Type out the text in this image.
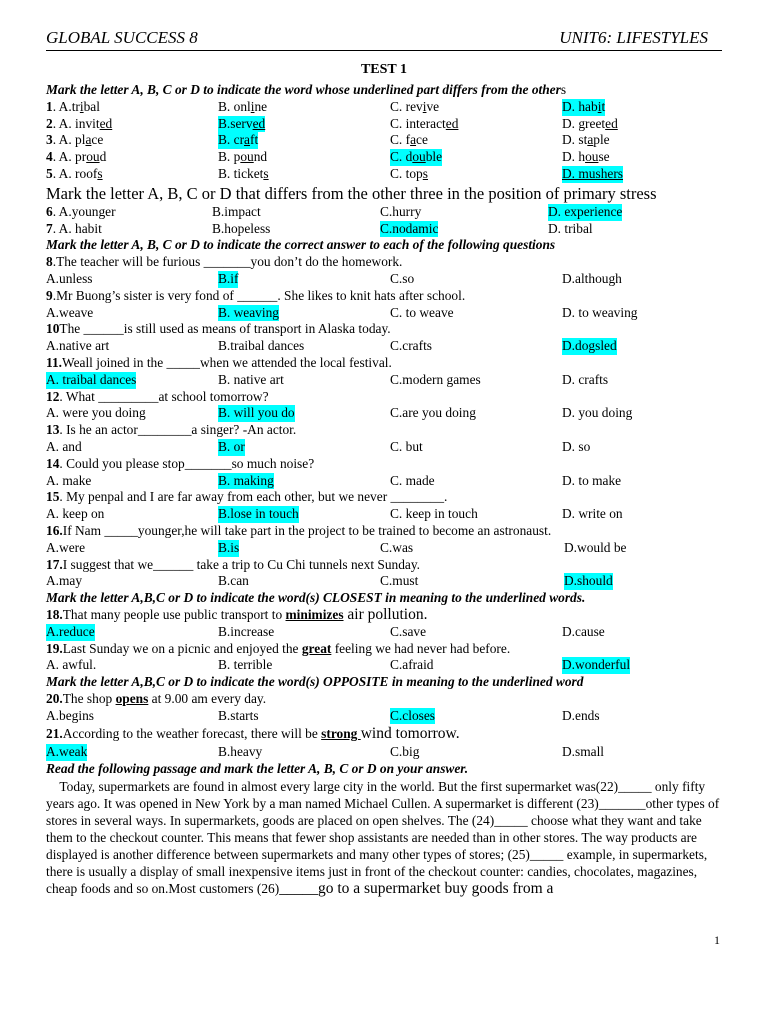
GLOBAL SUCCESS 8	UNIT6: LIFESTYLES
TEST 1
Mark the letter A, B, C or D to indicate the word whose underlined part differs from the others
1. A.tribal	B. online	C. revive	D. habit
2. A. invited	B.served	C. interacted	D. greeted
3. A. place	B. craft	C. face	D. staple
4. A. proud	B. pound	C. double	D. house
5. A. roofs	B. tickets	C. tops	D. mushers
Mark the letter A, B, C or D that differs from the other three in the position of primary stress
6. A.younger	B.impact	C.hurry	D. experience
7. A. habit	B.hopeless	C.nodamic	D. tribal
Mark the letter A, B, C or D to indicate the correct answer to each of the following questions
8.The teacher will be furious _______you don’t do the homework.
A.unless	B.if	C.so	D.although
9.Mr Buong’s sister is very fond of ______. She likes to knit hats after school.
A.weave	B. weaving	C. to weave	D. to weaving
10The ______is still used as means of transport in Alaska today.
A.native art	B.traibal dances	C.crafts	D.dogsled
11.Weall joined in the _____when we attended the local festival.
A. traibal dances	B. native art	C.modern games	D. crafts
12. What _________at school tomorrow?
A. were you doing	B. will you do	C.are you doing	D. you doing
13. Is he an actor________a singer? -An actor.
A. and	B. or	C. but	D. so
14. Could you please stop_______so much noise?
A. make	B. making	C. made	D. to make
15. My penpal and I are far away from each other, but we never ________.
A. keep on	B.lose in touch	C. keep in touch	D. write on
16.If Nam _____younger,he will take part in the project to be trained to become an astronaust.
A.were	B.is	C.was	D.would be
17.I suggest that we______ take a trip to Cu Chi tunnels next Sunday.
A.may	B.can	C.must	D.should
Mark the letter A,B,C or D to indicate the word(s) CLOSEST in meaning to the underlined words.
18.That many people use public transport to minimizes air pollution.
A.reduce	B.increase	C.save	D.cause
19.Last Sunday we on a picnic and enjoyed the great feeling we had never had before.
A. awful.	B. terrible	C.afraid	D.wonderful
Mark the letter A,B,C or D to indicate the word(s) OPPOSITE in meaning to the underlined word
20.The shop opens at 9.00 am every day.
A.begins	B.starts	C.closes	D.ends
21.According to the weather forecast, there will be strong wind tomorrow.
A.weak	B.heavy	C.big	D.small
Read the following passage and mark the letter A, B, C or D on your answer.
Today, supermarkets are found in almost every large city in the world. But the first supermarket was(22)_____ only fifty years ago. It was opened in New York by a man named Michael Cullen. A supermarket is different (23)_______other types of stores in several ways. In supermarkets, goods are placed on open shelves. The (24)_____ choose what they want and take them to the checkout counter. This means that fewer shop assistants are needed than in other stores. The way products are displayed is another difference between supermarkets and many other types of stores; (25)_____ example, in supermarkets, there is usually a display of small inexpensive items just in front of the checkout counter: candies, chocolates, magazines, cheap foods and so on.Most customers (26)_____go to a supermarket buy goods from a
1
